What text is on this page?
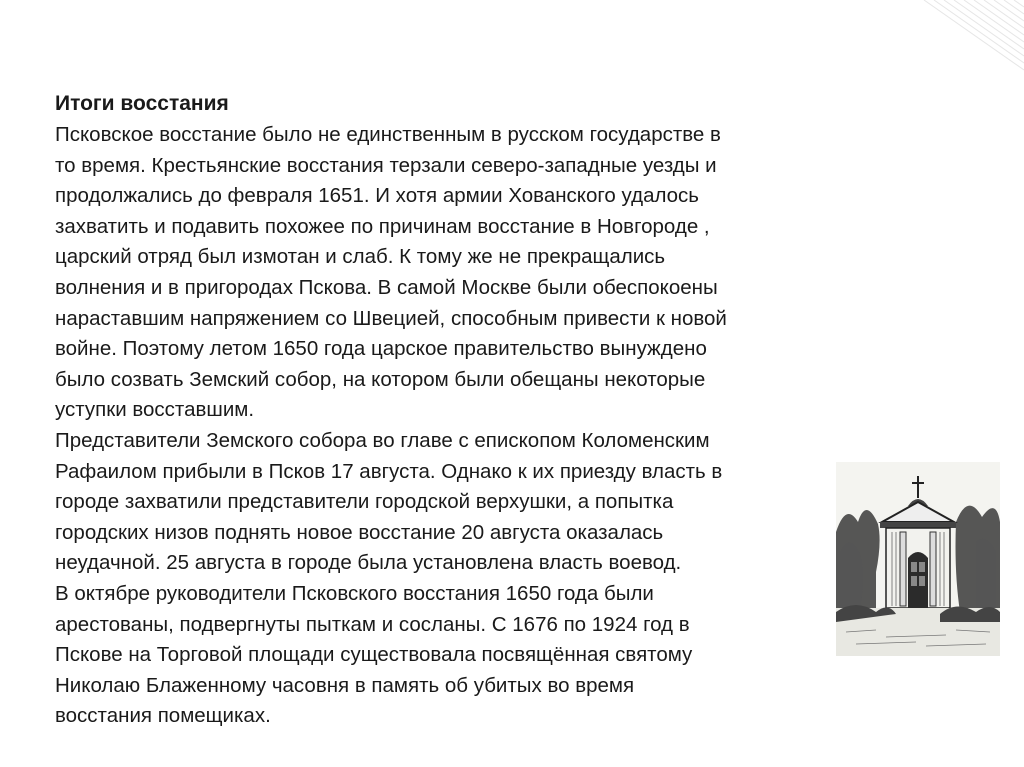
Итоги восстания

Псковское восстание было не единственным в русском государстве в
то время. Крестьянские восстания терзали северо-западные уезды и
продолжались до февраля 1651. И хотя армии Хованского удалось
захватить и подавить похожее по причинам восстание в Новгороде ,
царский отряд был измотан и слаб. К тому же не прекращались
волнения и в пригородах Пскова. В самой Москве были обеспокоены
нараставшим напряжением со Швецией, способным привести к новой
войне. Поэтому летом 1650 года царское правительство вынуждено
было созвать Земский собор, на котором были обещаны некоторые
уступки восставшим.

Представители Земского собора во главе с епископом Коломенским
Рафаилом прибыли в Псков 17 августа. Однако к их приезду власть в
городе захватили представители городской верхушки, а попытка
городских низов поднять новое восстание 20 августа оказалась
неудачной. 25 августа в городе была установлена власть воевод.

В октябре руководители Псковского восстания 1650 года были
арестованы, подвергнуты пыткам и сосланы. С 1676 по 1924 год в
Пскове на Торговой площади существовала посвящённая святому
Николаю Блаженному часовня в память об убитых во время
восстания помещиках.
